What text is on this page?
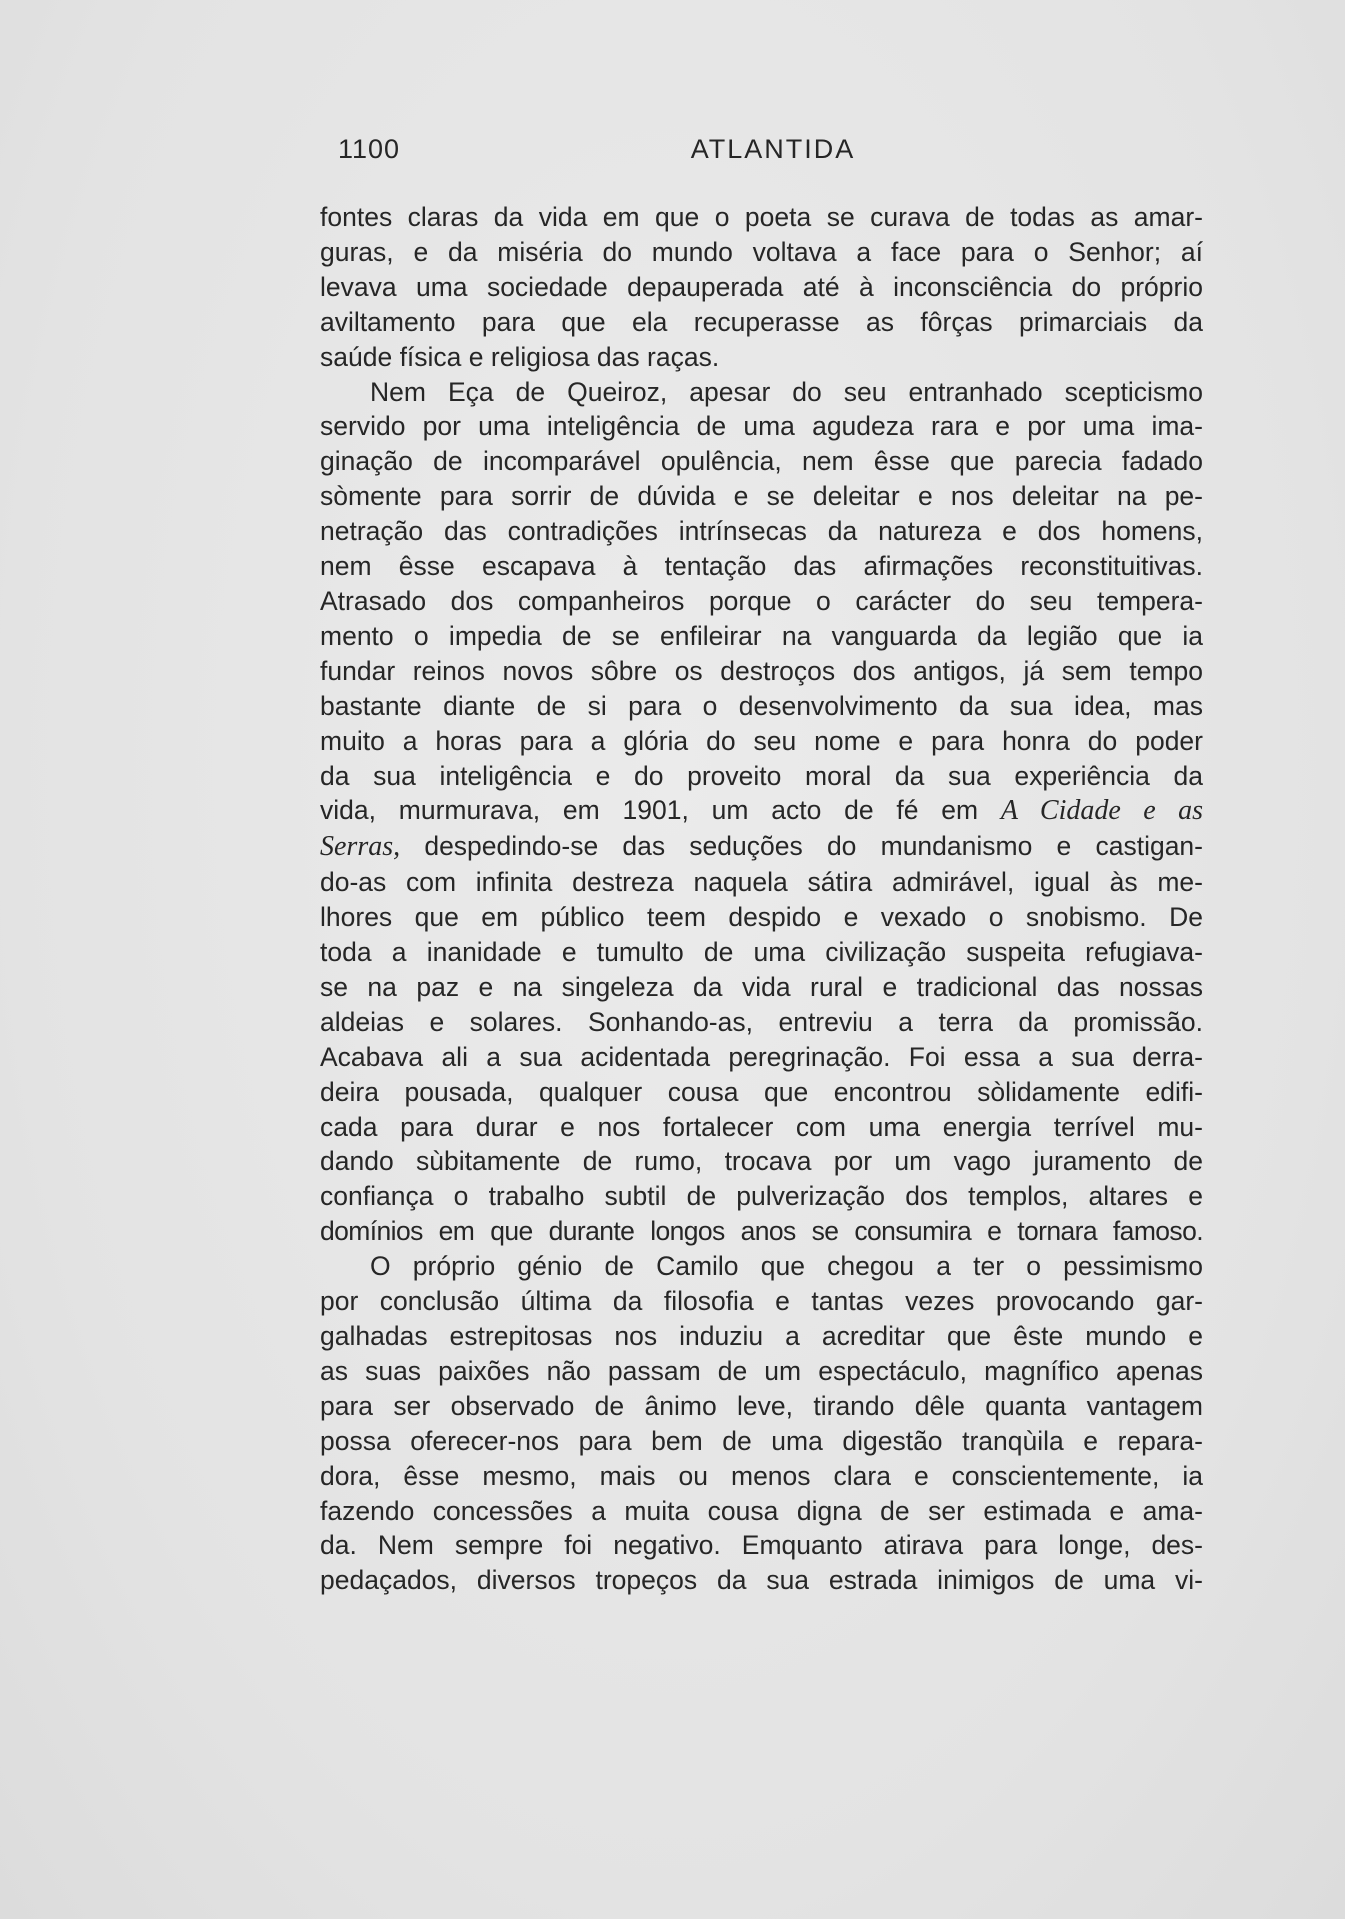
1100	ATLANTIDA

fontes claras da vida em que o poeta se curava de todas as amar-
guras, e da miséria do mundo voltava a face para o Senhor; aí
levava uma sociedade depauperada até à inconsciência do próprio
aviltamento para que ela recuperasse as fôrças primarciais da
saúde física e religiosa das raças.

Nem Eça de Queiroz, apesar do seu entranhado scepticismo
servido por uma inteligência de uma agudeza rara e por uma ima-
ginação de incomparável opulência, nem êsse que parecia fadado
sòmente para sorrir de dúvida e se deleitar e nos deleitar na pe-
netração das contradições intrínsecas da natureza e dos homens,
nem êsse escapava à tentação das afirmações reconstituitivas.
Atrasado dos companheiros porque o carácter do seu tempera-
mento o impedia de se enfileirar na vanguarda da legião que ia
fundar reinos novos sôbre os destroços dos antigos, já sem tempo
bastante diante de si para o desenvolvimento da sua idea, mas
muito a horas para a glória do seu nome e para honra do poder
da sua inteligência e do proveito moral da sua experiência da
vida, murmurava, em 1901, um acto de fé em A Cidade e as
Serras, despedindo-se das seduções do mundanismo e castigan-
do-as com infinita destreza naquela sátira admirável, igual às me-
lhores que em público teem despido e vexado o snobismo. De
toda a inanidade e tumulto de uma civilização suspeita refugiava-
se na paz e na singeleza da vida rural e tradicional das nossas
aldeias e solares. Sonhando-as, entreviu a terra da promissão.
Acabava ali a sua acidentada peregrinação. Foi essa a sua derra-
deira pousada, qualquer cousa que encontrou sòlidamente edifi-
cada para durar e nos fortalecer com uma energia terrível mu-
dando sùbitamente de rumo, trocava por um vago juramento de
confiança o trabalho subtil de pulverização dos templos, altares e
domínios em que durante longos anos se consumira e tornara famoso.

O próprio génio de Camilo que chegou a ter o pessimismo
por conclusão última da filosofia e tantas vezes provocando gar-
galhadas estrepitosas nos induziu a acreditar que êste mundo e
as suas paixões não passam de um espectáculo, magnífico apenas
para ser observado de ânimo leve, tirando dêle quanta vantagem
possa oferecer-nos para bem de uma digestão tranqùila e repara-
dora, êsse mesmo, mais ou menos clara e conscientemente, ia
fazendo concessões a muita cousa digna de ser estimada e ama-
da. Nem sempre foi negativo. Emquanto atirava para longe, des-
pedaçados, diversos tropeços da sua estrada inimigos de uma vi-
